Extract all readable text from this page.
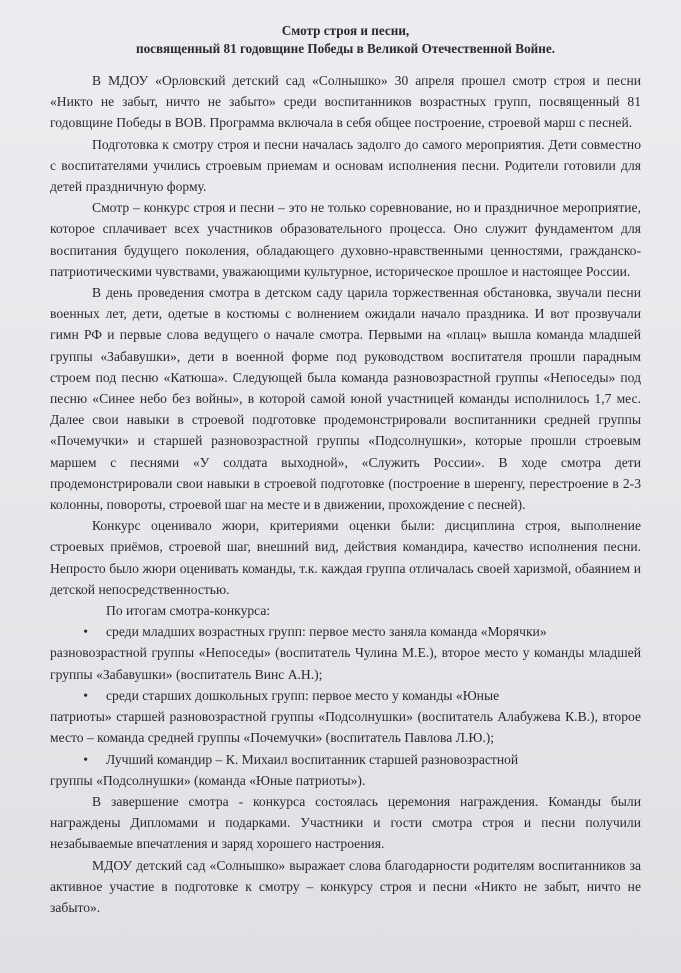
Смотр строя и песни,
посвященный 81 годовщине Победы в Великой Отечественной Войне.

В МДОУ «Орловский детский сад «Солнышко» 30 апреля прошел смотр строя и песни «Никто не забыт, ничто не забыто» среди воспитанников возрастных групп, посвященный 81 годовщине Победы в ВОВ. Программа включала в себя общее построение, строевой марш с песней.

Подготовка к смотру строя и песни началась задолго до самого мероприятия. Дети совместно с воспитателями учились строевым приемам и основам исполнения песни. Родители готовили для детей праздничную форму.

Смотр – конкурс строя и песни – это не только соревнование, но и праздничное мероприятие, которое сплачивает всех участников образовательного процесса. Оно служит фундаментом для воспитания будущего поколения, обладающего духовно-нравственными ценностями, гражданско-патриотическими чувствами, уважающими культурное, историческое прошлое и настоящее России.

В день проведения смотра в детском саду царила торжественная обстановка, звучали песни военных лет, дети, одетые в костюмы с волнением ожидали начало праздника. И вот прозвучали гимн РФ и первые слова ведущего о начале смотра. Первыми на «плац» вышла команда младшей группы «Забавушки», дети в военной форме под руководством воспитателя прошли парадным строем под песню «Катюша». Следующей была команда разновозрастной группы «Непоседы» под песню «Синее небо без войны», в которой самой юной участницей команды исполнилось 1,7 мес. Далее свои навыки в строевой подготовке продемонстрировали воспитанники средней группы «Почемучки» и старшей разновозрастной группы «Подсолнушки», которые прошли строевым маршем с песнями «У солдата выходной», «Служить России». В ходе смотра дети продемонстрировали свои навыки в строевой подготовке (построение в шеренгу, перестроение в 2-3 колонны, повороты, строевой шаг на месте и в движении, прохождение с песней).

Конкурс оценивало жюри, критериями оценки были: дисциплина строя, выполнение строевых приёмов, строевой шаг, внешний вид, действия командира, качество исполнения песни. Непросто было жюри оценивать команды, т.к. каждая группа отличалась своей харизмой, обаянием и детской непосредственностью.

По итогам смотра-конкурса:

•	среди младших возрастных групп: первое место заняла команда «Морячки»

разновозрастной группы «Непоседы» (воспитатель Чулина М.Е.), второе место у команды младшей группы «Забавушки» (воспитатель Винс А.Н.);

•	среди старших дошкольных групп: первое место у команды «Юные

патриоты» старшей разновозрастной группы «Подсолнушки» (воспитатель Алабужева К.В.), второе место – команда средней группы «Почемучки» (воспитатель Павлова Л.Ю.);

•	Лучший командир – К. Михаил воспитанник старшей разновозрастной

группы «Подсолнушки» (команда «Юные патриоты»).

В завершение смотра - конкурса состоялась церемония награждения. Команды были награждены Дипломами и подарками. Участники и гости смотра строя и песни получили незабываемые впечатления и заряд хорошего настроения.

МДОУ детский сад «Солнышко» выражает слова благодарности родителям воспитанников за активное участие в подготовке к смотру – конкурсу строя и песни «Никто не забыт, ничто не забыто».
